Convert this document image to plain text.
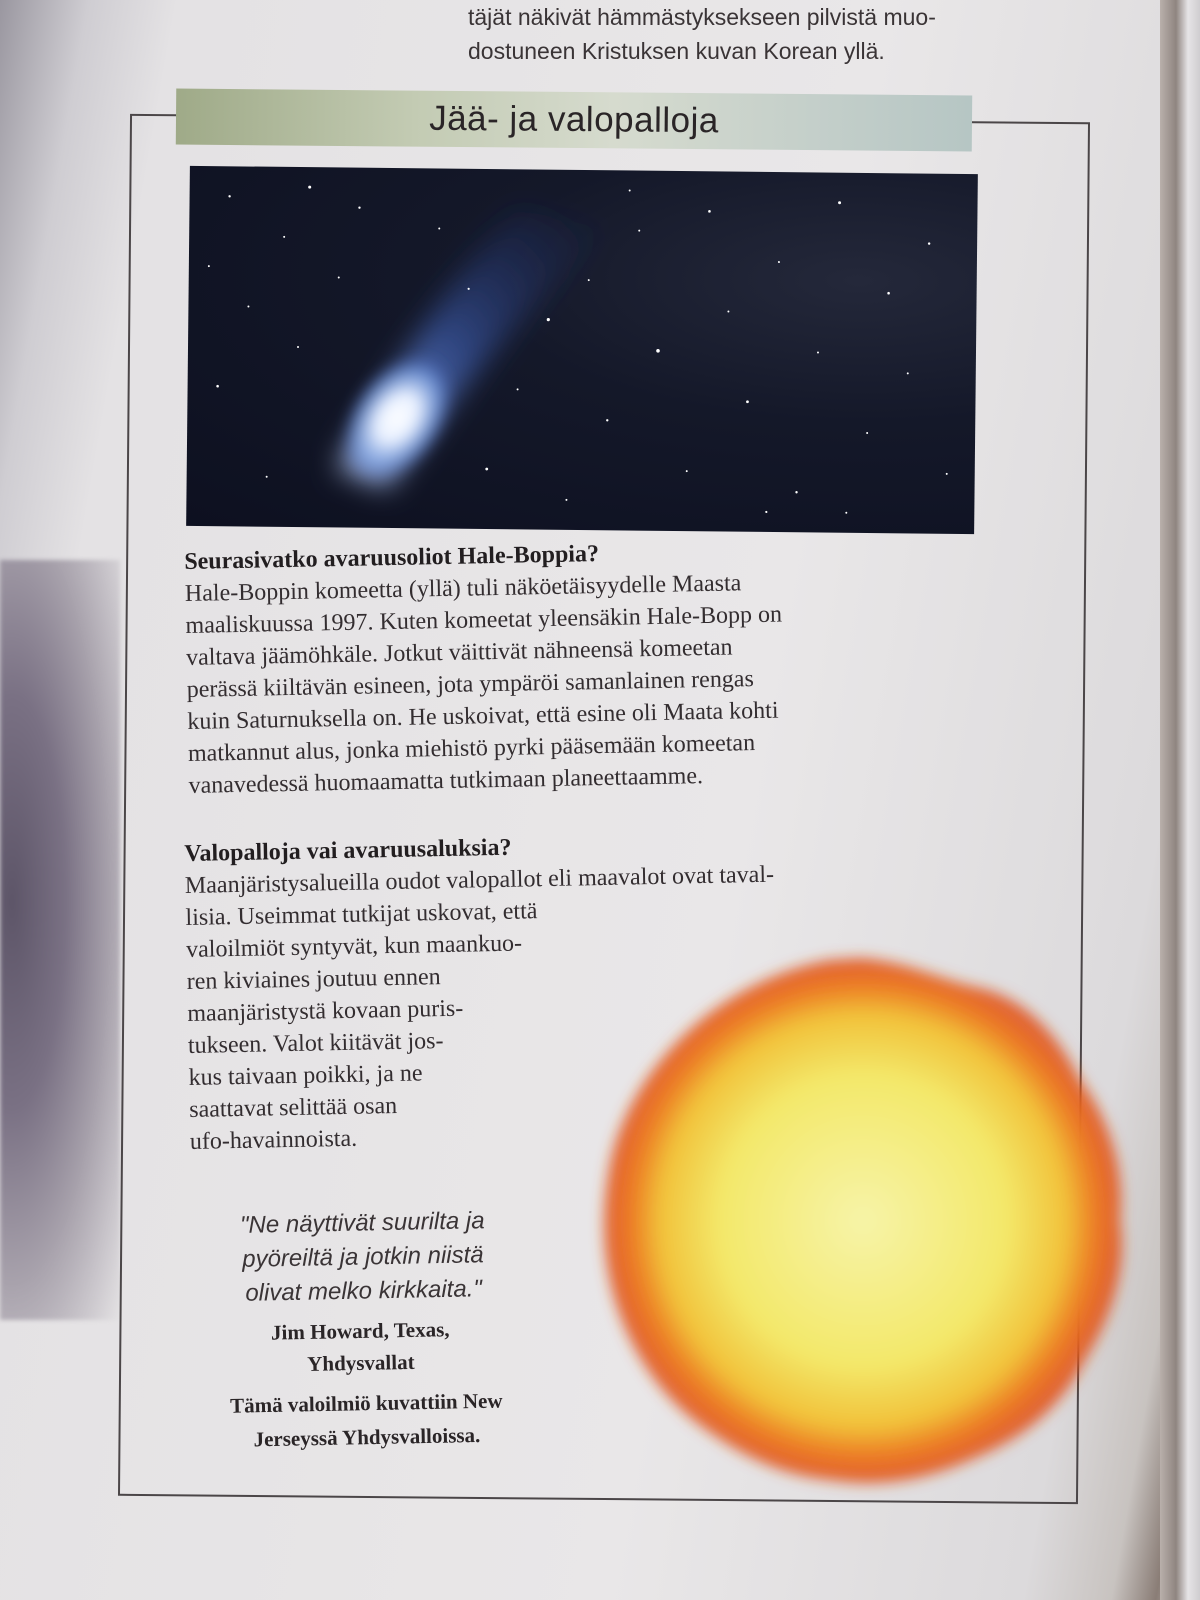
täjät näkivät hämmästyksekseen pilvistä muo-
dostuneen Kristuksen kuvan Korean yllä.
Jää- ja valopalloja
Seurasivatko avaruusoliot Hale-Boppia?

Hale-Boppin komeetta (yllä) tuli näköetäisyydelle Maasta
maaliskuussa 1997. Kuten komeetat yleensäkin Hale-Bopp on
valtava jäämöhkäle. Jotkut väittivät nähneensä komeetan
perässä kiiltävän esineen, jota ympäröi samanlainen rengas
kuin Saturnuksella on. He uskoivat, että esine oli Maata kohti
matkannut alus, jonka miehistö pyrki pääsemään komeetan
vanavedessä huomaamatta tutkimaan planeettaamme.

Valopalloja vai avaruusaluksia?

Maanjäristysalueilla oudot valopallot eli maavalot ovat taval-
lisia. Useimmat tutkijat uskovat, että
valoilmiöt syntyvät, kun maankuo-
ren kiviaines joutuu ennen
maanjäristystä kovaan puris-
tukseen. Valot kiitävät jos-
kus taivaan poikki, ja ne
saattavat selittää osan
ufo-havainnoista.

"Ne näyttivät suurilta ja
pyöreiltä ja jotkin niistä
olivat melko kirkkaita."
Jim Howard, Texas,
Yhdysvallat
Tämä valoilmiö kuvattiin New
Jerseyssä Yhdysvalloissa.
